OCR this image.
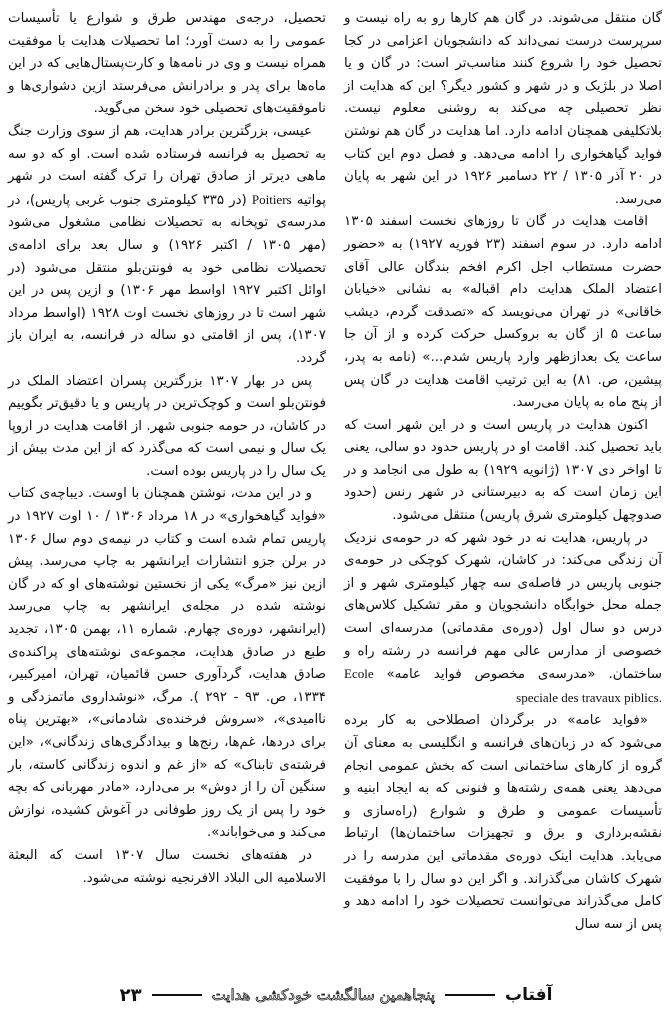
گان منتقل می‌شوند. در گان هم کارها رو به راه نیست و سرپرست درست نمی‌داند که دانشجویان اعزامی در کجا تحصیل خود را شروع کنند مناسب‌تر است: در گان و یا اصلا در بلژیک و در شهر و کشور دیگر؟ این که هدایت از نظر تحصیلی چه می‌کند به روشنی معلوم نیست. بلاتکلیفی همچنان ادامه دارد. اما هدایت در گان هم نوشتن فواید گیاهخواری را ادامه می‌دهد. و فصل دوم این کتاب در ۲۰ آذر ۱۳۰۵ / ۲۲ دسامبر ۱۹۲۶ در این شهر به پایان می‌رسد.

اقامت هدایت در گان تا روزهای نخست اسفند ۱۳۰۵ ادامه دارد. در سوم اسفند (۲۳ فوریه ۱۹۲۷) به «حضور حضرت مستطاب اجل اکرم افخم بندگان عالی آقای اعتضاد الملک هدایت دام اقباله» به نشانی «خیابان خاقانی» در تهران می‌نویسد که «تصدقت گردم، دیشب ساعت ۵ از گان به بروکسل حرکت کرده و از آن جا ساعت یک بعدازظهر وارد پاریس شدم...» (نامه به پدر، پیشین، ص. ۸۱) به این ترتیب اقامت هدایت در گان پس از پنج ماه به پایان می‌رسد.

اکنون هدایت در پاریس است و در این شهر است که باید تحصیل کند. اقامت او در پاریس حدود دو سالی، یعنی تا اواخر دی ۱۳۰۷ (ژانویه ۱۹۲۹) به طول می انجامد و در این زمان است که به دبیرستانی در شهر رنس (حدود صدوچهل کیلومتری شرق پاریس) منتقل می‌شود.

در پاریس، هدایت نه در خود شهر که در حومه‌ی نزدیک آن زندگی می‌کند: در کاشان، شهرک کوچکی در حومه‌ی جنوبی پاریس در فاصله‌ی سه چهار کیلومتری شهر و از جمله محل خوابگاه دانشجویان و مقر تشکیل کلاس‌های درس دو سال اول (دوره‌ی مقدماتی) مدرسه‌ای است خصوصی از مدارس عالی مهم فرانسه در رشته راه و ساختمان. «مدرسه‌ی مخصوص فواید عامه» Ecole speciale des travaux piblics.

«فواید عامه» در برگردان اصطلاحی به کار برده می‌شود که در زبان‌های فرانسه و انگلیسی به معنای آن گروه از کارهای ساختمانی است که بخش عمومی انجام می‌دهد یعنی همه‌ی رشته‌ها و فنونی که به ایجاد ابنیه و تأسیسات عمومی و طرق و شوارع (راه‌سازی و نقشه‌برداری و برق و تجهیزات ساختمان‌ها) ارتباط می‌یابد. هدایت اینک دوره‌ی مقدماتی این مدرسه را در شهرک کاشان می‌گذراند. و اگر این دو سال را با موفقیت کامل می‌گذراند می‌توانست تحصیلات خود را ادامه دهد و پس از سه سال

تحصیل، درجه‌ی مهندس طرق و شوارع یا تأسیسات عمومی را به دست آورد؛ اما تحصیلات هدایت با موفقیت همراه نیست و وی در نامه‌ها و کارت‌پستال‌هایی که در این ماه‌ها برای پدر و برادرانش می‌فرستد ازین دشواری‌ها و ناموفقیت‌های تحصیلی خود سخن می‌گوید.

عیسی، بزرگترین برادر هدایت، هم از سوی وزارت جنگ به تحصیل به فرانسه فرستاده شده است. او که دو سه ماهی دیرتر از صادق تهران را ترک گفته است در شهر پواتیه Poitiers (در ۳۳۵ کیلومتری جنوب غربی پاریس)، در مدرسه‌ی توپخانه به تحصیلات نظامی مشغول می‌شود (مهر ۱۳۰۵ / اکتبر ۱۹۲۶) و سال بعد برای ادامه‌ی تحصیلات نظامی خود به فونتن‌بلو منتقل می‌شود (در اوائل اکتبر ۱۹۲۷ اواسط مهر ۱۳۰۶) و ازین پس در این شهر است تا در روزهای نخست اوت ۱۹۲۸ (اواسط مرداد ۱۳۰۷)، پس از اقامتی دو ساله در فرانسه، به ایران باز گردد.

پس در بهار ۱۳۰۷ بزرگترین پسران اعتضاد الملک در فونتن‌بلو است و کوچک‌ترین در پاریس و یا دقیق‌تر بگوییم در کاشان، در حومه جنوبی شهر. از اقامت هدایت در اروپا یک سال و نیمی است که می‌گذرد که از این مدت بیش از یک سال را در پاریس بوده است.

و در این مدت، نوشتن همچنان با اوست. دیباچه‌ی کتاب «فواید گیاهخواری» در ۱۸ مرداد ۱۳۰۶ / ۱۰ اوت ۱۹۲۷ در پاریس تمام شده است و کتاب در نیمه‌ی دوم سال ۱۳۰۶ در برلن جزو انتشارات ایرانشهر به چاپ می‌رسد. پیش ازین نیز «مرگ» یکی از نخستین نوشته‌های او که در گان نوشته شده در مجله‌ی ایرانشهر به چاپ می‌رسد (ایرانشهر، دوره‌ی چهارم. شماره ۱۱، بهمن ۱۳۰۵، تجدید طبع در صادق هدایت، مجموعه‌ی نوشته‌های پراکنده‌ی صادق هدایت، گردآوری حسن قائمیان، تهران، امیرکبیر، ۱۳۳۴، ص. ۹۳ - ۲۹۲ ). مرگ، «نوشداروی ماتمزدگی و ناامیدی»، «سروش فرخنده‌ی شادمانی»، «بهترین پناه برای دردها، غم‌ها، رنج‌ها و بیدادگری‌های زندگانی»، «این فرشته‌ی تابناک» که «از غم و اندوه زندگانی کاسته، بار سنگین آن را از دوش» بر می‌دارد، «مادر مهربانی که بچه خود را پس از یک روز طوفانی در آغوش کشیده، نوازش می‌کند و می‌خواباند».

در هفته‌های نخست سال ۱۳۰۷ است که البعثة الاسلامیه الی البلاد الافرنجیه نوشته می‌شود.

آفتاب
پنجاهمین سالگشت خودکشی هدایت
۲۳
